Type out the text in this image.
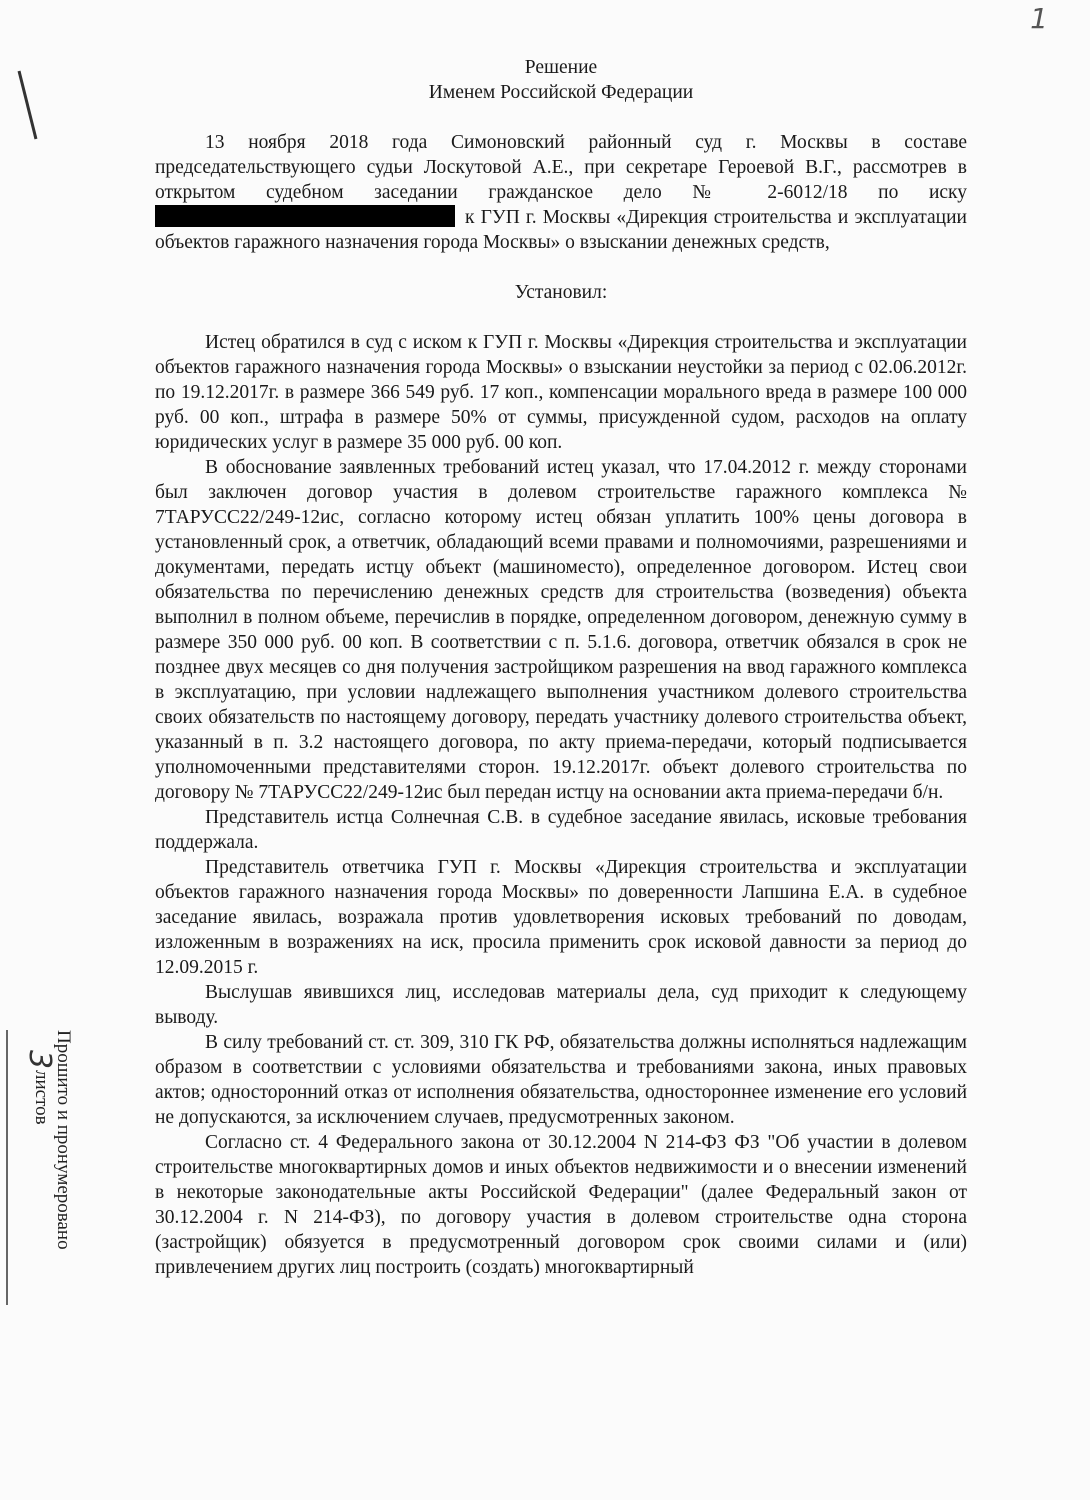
1
Прошито и пронумеровано
3
листов
Решение
Именем Российской Федерации

13 ноября 2018 года Симоновский районный суд г. Москвы в составе председательствующего судьи Лоскутовой А.Е., при секретаре Героевой В.Г., рассмотрев в открытом судебном заседании гражданское дело № 2-6012/18 по иску к ГУП г. Москвы «Дирекция строительства и эксплуатации объектов гаражного назначения города Москвы» о взыскании денежных средств,

Установил:

Истец обратился в суд с иском к ГУП г. Москвы «Дирекция строительства и эксплуатации объектов гаражного назначения города Москвы» о взыскании неустойки за период с 02.06.2012г. по 19.12.2017г. в размере 366 549 руб. 17 коп., компенсации морального вреда в размере 100 000 руб. 00 коп., штрафа в размере 50% от суммы, присужденной судом, расходов на оплату юридических услуг в размере 35 000 руб. 00 коп.

В обоснование заявленных требований истец указал, что 17.04.2012 г. между сторонами был заключен договор участия в долевом строительстве гаражного комплекса № 7ТАРУСС22/249-12ис, согласно которому истец обязан уплатить 100% цены договора в установленный срок, а ответчик, обладающий всеми правами и полномочиями, разрешениями и документами, передать истцу объект (машиноместо), определенное договором. Истец свои обязательства по перечислению денежных средств для строительства (возведения) объекта выполнил в полном объеме, перечислив в порядке, определенном договором, денежную сумму в размере 350 000 руб. 00 коп. В соответствии с п. 5.1.6. договора, ответчик обязался в срок не позднее двух месяцев со дня получения застройщиком разрешения на ввод гаражного комплекса в эксплуатацию, при условии надлежащего выполнения участником долевого строительства своих обязательств по настоящему договору, передать участнику долевого строительства объект, указанный в п. 3.2 настоящего договора, по акту приема-передачи, который подписывается уполномоченными представителями сторон. 19.12.2017г. объект долевого строительства по договору № 7ТАРУСС22/249-12ис был передан истцу на основании акта приема-передачи б/н.

Представитель истца Солнечная С.В. в судебное заседание явилась, исковые требования поддержала.

Представитель ответчика ГУП г. Москвы «Дирекция строительства и эксплуатации объектов гаражного назначения города Москвы» по доверенности Лапшина Е.А. в судебное заседание явилась, возражала против удовлетворения исковых требований по доводам, изложенным в возражениях на иск, просила применить срок исковой давности за период до 12.09.2015 г.

Выслушав явившихся лиц, исследовав материалы дела, суд приходит к следующему выводу.

В силу требований ст. ст. 309, 310 ГК РФ, обязательства должны исполняться надлежащим образом в соответствии с условиями обязательства и требованиями закона, иных правовых актов; односторонний отказ от исполнения обязательства, одностороннее изменение его условий не допускаются, за исключением случаев, предусмотренных законом.

Согласно ст. 4 Федерального закона от 30.12.2004 N 214-ФЗ ФЗ "Об участии в долевом строительстве многоквартирных домов и иных объектов недвижимости и о внесении изменений в некоторые законодательные акты Российской Федерации" (далее Федеральный закон от 30.12.2004 г. N 214-ФЗ), по договору участия в долевом строительстве одна сторона (застройщик) обязуется в предусмотренный договором срок своими силами и (или) привлечением других лиц построить (создать) многоквартирный
